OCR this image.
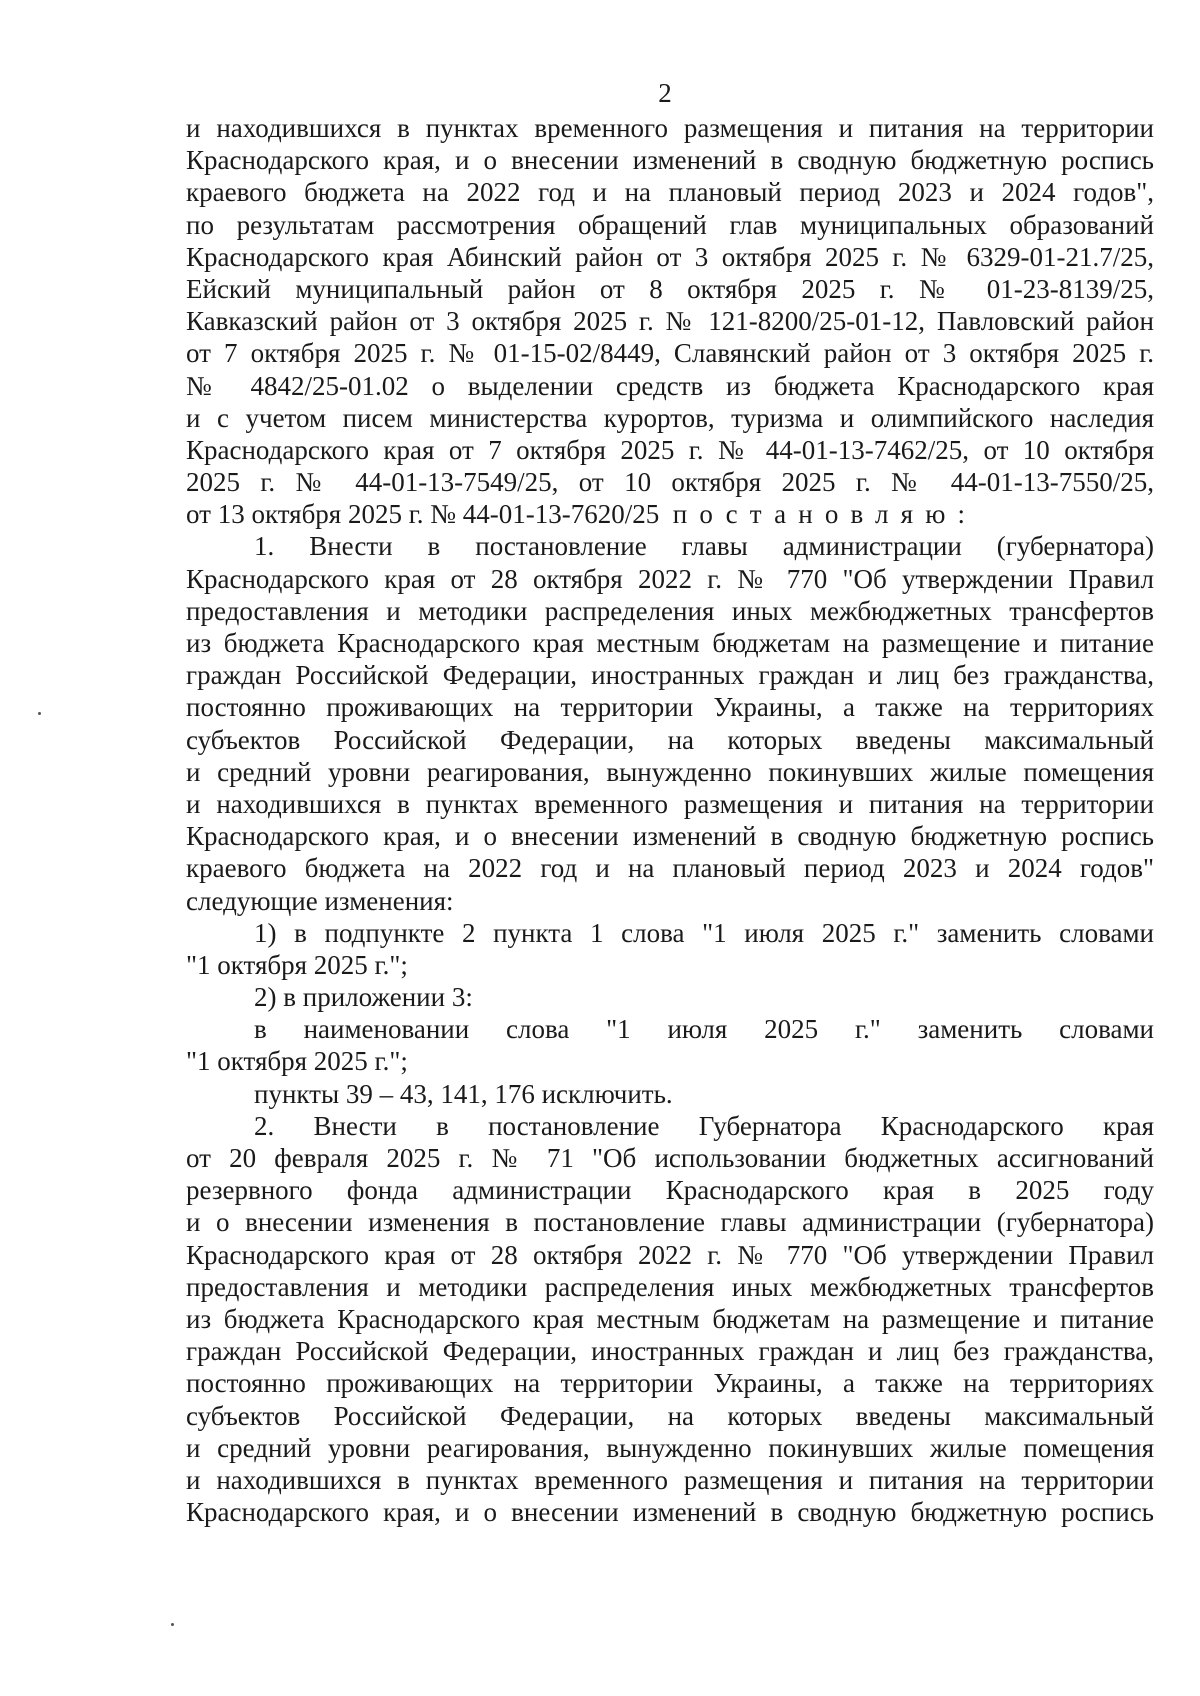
2
и находившихся в пунктах временного размещения и питания на территории
Краснодарского края, и о внесении изменений в сводную бюджетную роспись
краевого бюджета на 2022 год и на плановый период 2023 и 2024 годов",
по результатам рассмотрения обращений глав муниципальных образований
Краснодарского края Абинский район от 3 октября 2025 г. № 6329-01-21.7/25,
Ейский муниципальный район от 8 октября 2025 г. № 01-23-8139/25,
Кавказский район от 3 октября 2025 г. № 121-8200/25-01-12, Павловский район
от 7 октября 2025 г. № 01-15-02/8449, Славянский район от 3 октября 2025 г.
№ 4842/25-01.02 о выделении средств из бюджета Краснодарского края
и с учетом писем министерства курортов, туризма и олимпийского наследия
Краснодарского края от 7 октября 2025 г. № 44-01-13-7462/25, от 10 октября
2025 г. № 44-01-13-7549/25, от 10 октября 2025 г. № 44-01-13-7550/25,
от 13 октября 2025 г. № 44-01-13-7620/25 постановляю:
1. Внести в постановление главы администрации (губернатора)
Краснодарского края от 28 октября 2022 г. № 770 "Об утверждении Правил
предоставления и методики распределения иных межбюджетных трансфертов
из бюджета Краснодарского края местным бюджетам на размещение и питание
граждан Российской Федерации, иностранных граждан и лиц без гражданства,
постоянно проживающих на территории Украины, а также на территориях
субъектов Российской Федерации, на которых введены максимальный
и средний уровни реагирования, вынужденно покинувших жилые помещения
и находившихся в пунктах временного размещения и питания на территории
Краснодарского края, и о внесении изменений в сводную бюджетную роспись
краевого бюджета на 2022 год и на плановый период 2023 и 2024 годов"
следующие изменения:
1) в подпункте 2 пункта 1 слова "1 июля 2025 г." заменить словами
"1 октября 2025 г.";
2) в приложении 3:
в наименовании слова "1 июля 2025 г." заменить словами
"1 октября 2025 г.";
пункты 39 – 43, 141, 176 исключить.
2. Внести в постановление Губернатора Краснодарского края
от 20 февраля 2025 г. № 71 "Об использовании бюджетных ассигнований
резервного фонда администрации Краснодарского края в 2025 году
и о внесении изменения в постановление главы администрации (губернатора)
Краснодарского края от 28 октября 2022 г. № 770 "Об утверждении Правил
предоставления и методики распределения иных межбюджетных трансфертов
из бюджета Краснодарского края местным бюджетам на размещение и питание
граждан Российской Федерации, иностранных граждан и лиц без гражданства,
постоянно проживающих на территории Украины, а также на территориях
субъектов Российской Федерации, на которых введены максимальный
и средний уровни реагирования, вынужденно покинувших жилые помещения
и находившихся в пунктах временного размещения и питания на территории
Краснодарского края, и о внесении изменений в сводную бюджетную роспись
